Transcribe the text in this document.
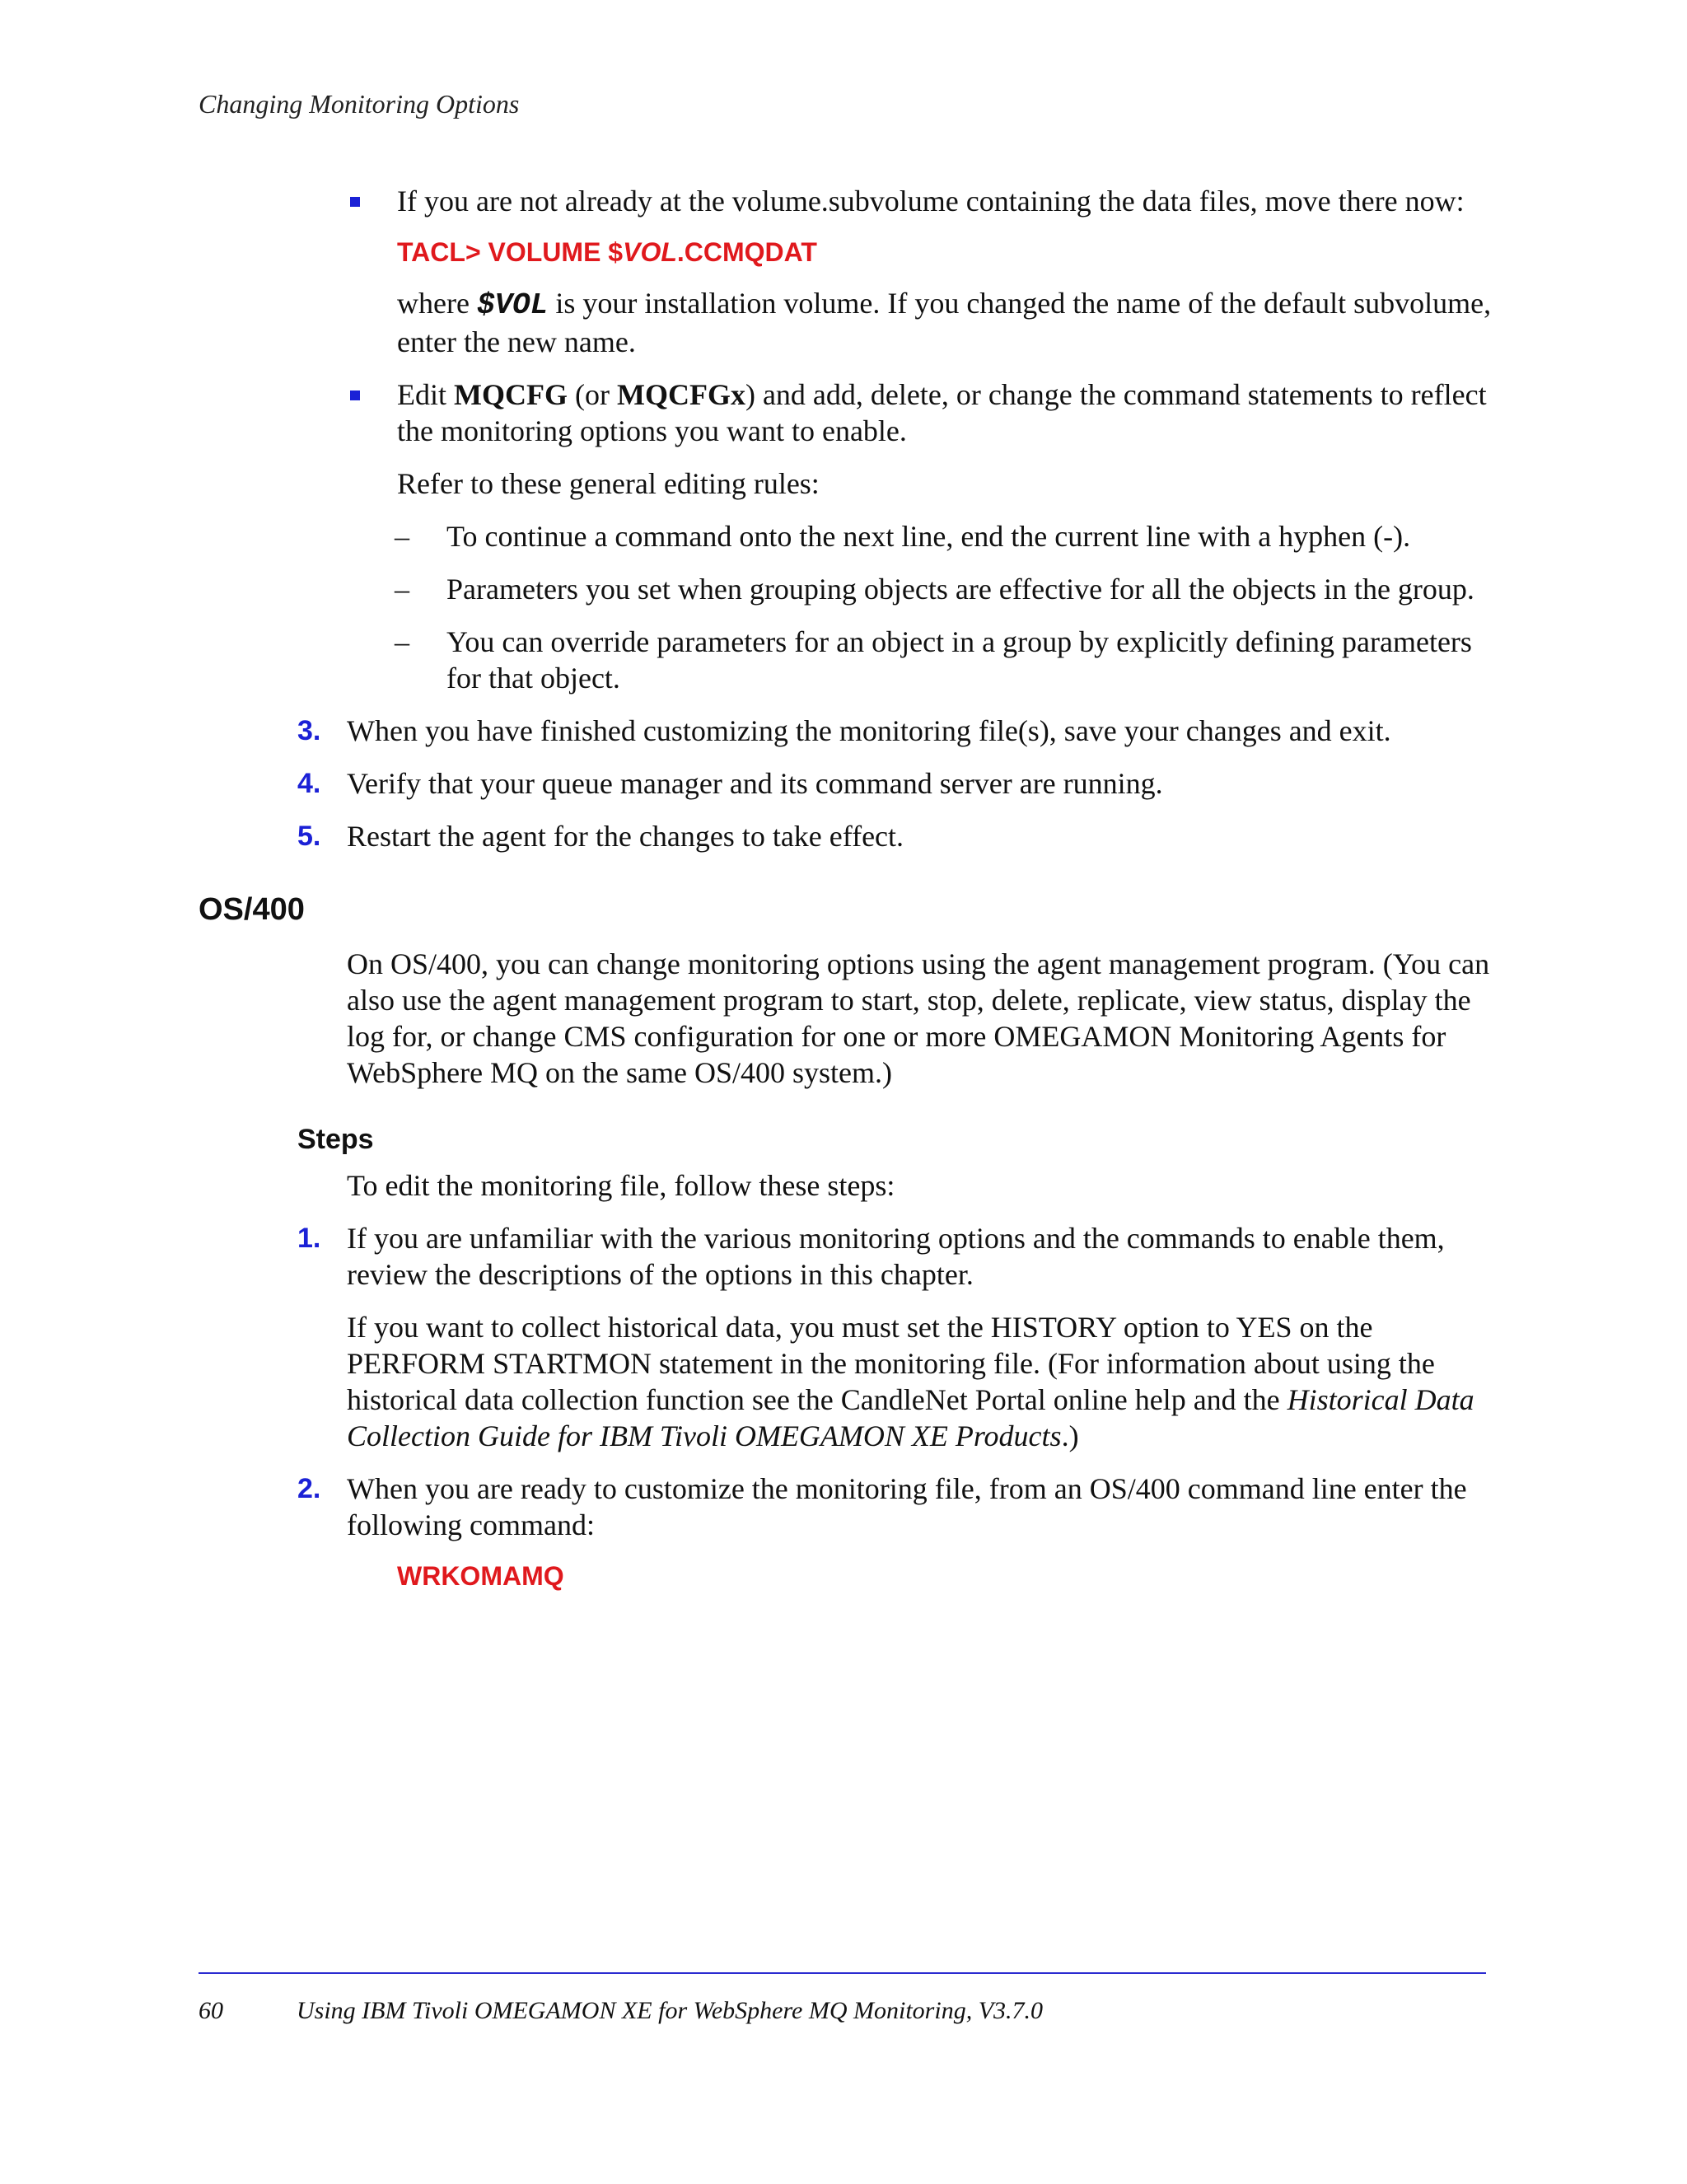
Changing Monitoring Options
If you are not already at the volume.subvolume containing the data files, move there now:
TACL> VOLUME $VOL.CCMQDAT
where $VOL is your installation volume. If you changed the name of the default subvolume, enter the new name.
Edit MQCFG (or MQCFGx) and add, delete, or change the command statements to reflect the monitoring options you want to enable.
Refer to these general editing rules:
– To continue a command onto the next line, end the current line with a hyphen (-).
– Parameters you set when grouping objects are effective for all the objects in the group.
– You can override parameters for an object in a group by explicitly defining parameters for that object.
3. When you have finished customizing the monitoring file(s), save your changes and exit.
4. Verify that your queue manager and its command server are running.
5. Restart the agent for the changes to take effect.
OS/400
On OS/400, you can change monitoring options using the agent management program. (You can also use the agent management program to start, stop, delete, replicate, view status, display the log for, or change CMS configuration for one or more OMEGAMON Monitoring Agents for WebSphere MQ on the same OS/400 system.)
Steps
To edit the monitoring file, follow these steps:
1. If you are unfamiliar with the various monitoring options and the commands to enable them, review the descriptions of the options in this chapter.
If you want to collect historical data, you must set the HISTORY option to YES on the PERFORM STARTMON statement in the monitoring file. (For information about using the historical data collection function see the CandleNet Portal online help and the Historical Data Collection Guide for IBM Tivoli OMEGAMON XE Products.)
2. When you are ready to customize the monitoring file, from an OS/400 command line enter the following command:
WRKOMAMQ
60	Using IBM Tivoli OMEGAMON XE for WebSphere MQ Monitoring, V3.7.0
